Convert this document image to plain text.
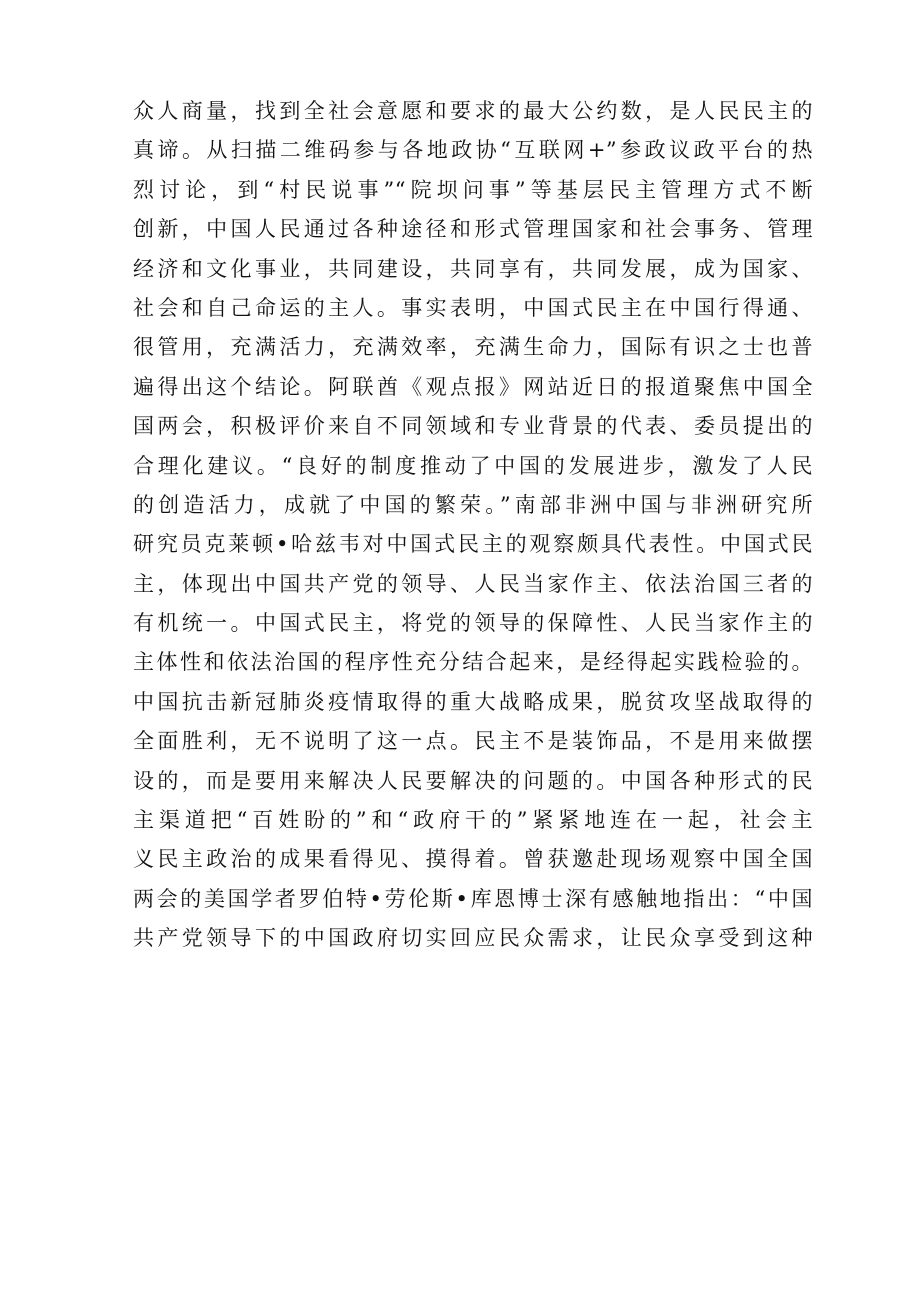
众人商量，找到全社会意愿和要求的最大公约数，是人民民主的
真谛。从扫描二维码参与各地政协“互联网+”参政议政平台的热
烈讨论，到“村民说事”“院坝问事”等基层民主管理方式不断
创新，中国人民通过各种途径和形式管理国家和社会事务、管理
经济和文化事业，共同建设，共同享有，共同发展，成为国家、
社会和自己命运的主人。事实表明，中国式民主在中国行得通、
很管用，充满活力，充满效率，充满生命力，国际有识之士也普
遍得出这个结论。阿联酋《观点报》网站近日的报道聚焦中国全
国两会，积极评价来自不同领域和专业背景的代表、委员提出的
合理化建议。“良好的制度推动了中国的发展进步，激发了人民
的创造活力，成就了中国的繁荣。”南部非洲中国与非洲研究所
研究员克莱顿•哈兹韦对中国式民主的观察颇具代表性。中国式民
主，体现出中国共产党的领导、人民当家作主、依法治国三者的
有机统一。中国式民主，将党的领导的保障性、人民当家作主的
主体性和依法治国的程序性充分结合起来，是经得起实践检验的。
中国抗击新冠肺炎疫情取得的重大战略成果，脱贫攻坚战取得的
全面胜利，无不说明了这一点。民主不是装饰品，不是用来做摆
设的，而是要用来解决人民要解决的问题的。中国各种形式的民
主渠道把“百姓盼的”和“政府干的”紧紧地连在一起，社会主
义民主政治的成果看得见、摸得着。曾获邀赴现场观察中国全国
两会的美国学者罗伯特•劳伦斯•库恩博士深有感触地指出：“中国
共产党领导下的中国政府切实回应民众需求，让民众享受到这种
